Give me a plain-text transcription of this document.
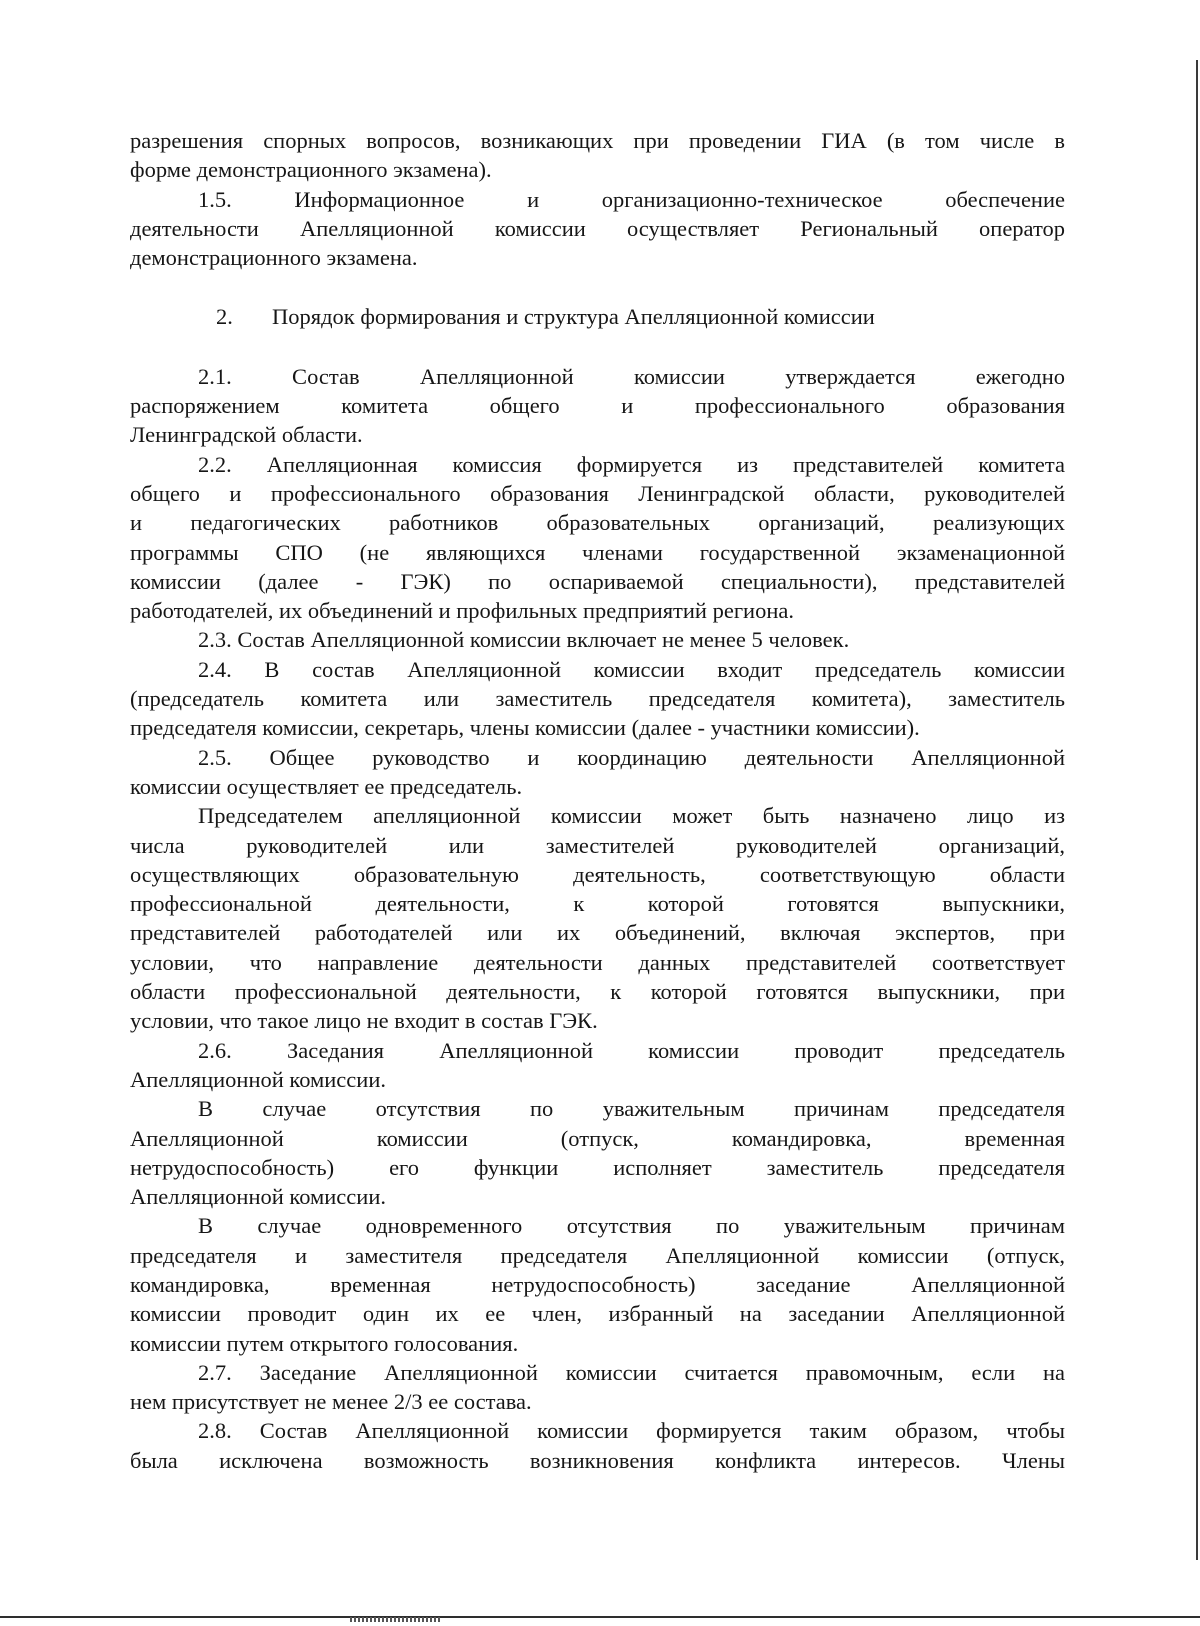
разрешения спорных вопросов, возникающих при проведении ГИА (в том числе в

форме демонстрационного экзамена).

1.5. Информационное и организационно-техническое обеспечение

деятельности Апелляционной комиссии осуществляет Региональный оператор

демонстрационного экзамена.

2. Порядок формирования и структура Апелляционной комиссии

2.1. Состав Апелляционной комиссии утверждается ежегодно

распоряжением комитета общего и профессионального образования

Ленинградской области.

2.2. Апелляционная комиссия формируется из представителей комитета

общего и профессионального образования Ленинградской области, руководителей

и педагогических работников образовательных организаций, реализующих

программы СПО (не являющихся членами государственной экзаменационной

комиссии (далее - ГЭК) по оспариваемой специальности), представителей

работодателей, их объединений и профильных предприятий региона.

2.3. Состав Апелляционной комиссии включает не менее 5 человек.

2.4. В состав Апелляционной комиссии входит председатель комиссии

(председатель комитета или заместитель председателя комитета), заместитель

председателя комиссии, секретарь, члены комиссии (далее - участники комиссии).

2.5. Общее руководство и координацию деятельности Апелляционной

комиссии осуществляет ее председатель.

Председателем апелляционной комиссии может быть назначено лицо из

числа руководителей или заместителей руководителей организаций,

осуществляющих образовательную деятельность, соответствующую области

профессиональной деятельности, к которой готовятся выпускники,

представителей работодателей или их объединений, включая экспертов, при

условии, что направление деятельности данных представителей соответствует

области профессиональной деятельности, к которой готовятся выпускники, при

условии, что такое лицо не входит в состав ГЭК.

2.6. Заседания Апелляционной комиссии проводит председатель

Апелляционной комиссии.

В случае отсутствия по уважительным причинам председателя

Апелляционной комиссии (отпуск, командировка, временная

нетрудоспособность) его функции исполняет заместитель председателя

Апелляционной комиссии.

В случае одновременного отсутствия по уважительным причинам

председателя и заместителя председателя Апелляционной комиссии (отпуск,

командировка, временная нетрудоспособность) заседание Апелляционной

комиссии проводит один их ее член, избранный на заседании Апелляционной

комиссии путем открытого голосования.

2.7. Заседание Апелляционной комиссии считается правомочным, если на

нем присутствует не менее 2/3 ее состава.

2.8. Состав Апелляционной комиссии формируется таким образом, чтобы

была исключена возможность возникновения конфликта интересов. Члены
